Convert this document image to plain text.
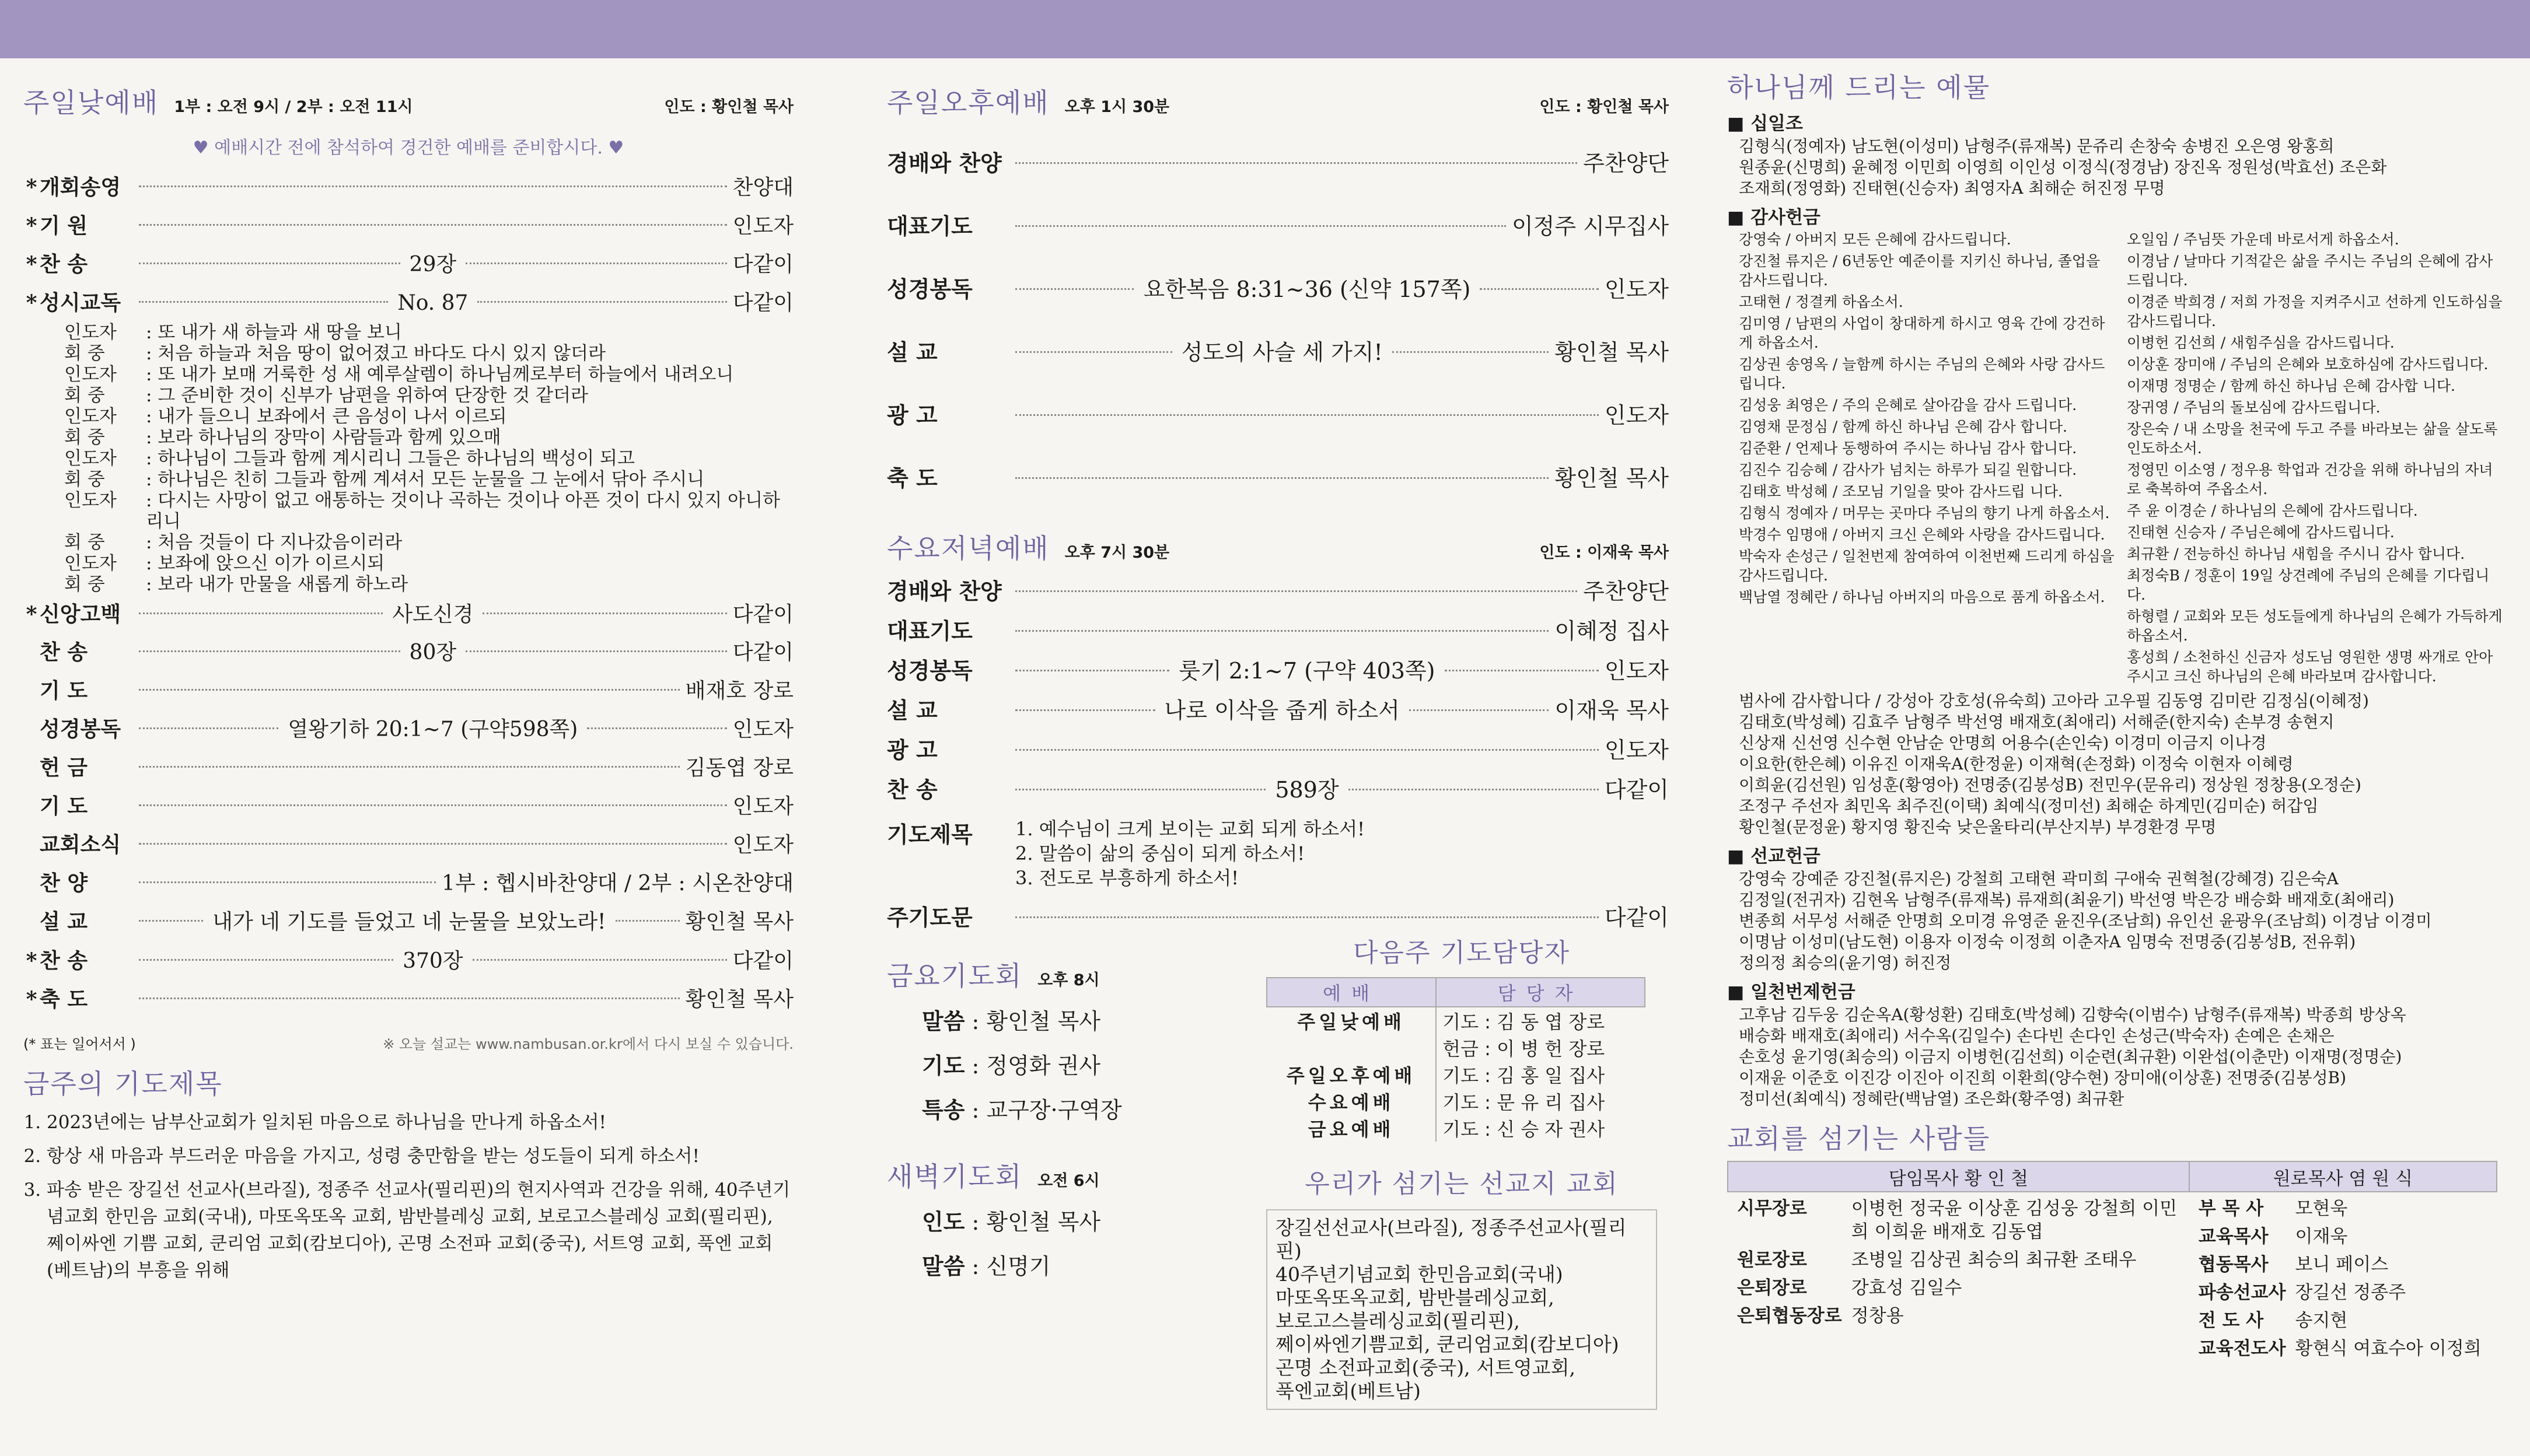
주일낮예배 1부 : 오전 9시 / 2부 : 오전 11시	인도 : 황인철 목사
♥ 예배시간 전에 참석하여 경건한 예배를 준비합시다. ♥
* 개회송영	찬양대
* 기 원	인도자
* 찬 송	29장	다같이
* 성시교독	No. 87	다같이
인도자	: 또 내가 새 하늘과 새 땅을 보니
회 중	: 처음 하늘과 처음 땅이 없어졌고 바다도 다시 있지 않더라
인도자	: 또 내가 보매 거룩한 성 새 예루살렘이 하나님께로부터 하늘에서 내려오니
회 중	: 그 준비한 것이 신부가 남편을 위하여 단장한 것 같더라
인도자	: 내가 들으니 보좌에서 큰 음성이 나서 이르되
회 중	: 보라 하나님의 장막이 사람들과 함께 있으매
인도자	: 하나님이 그들과 함께 계시리니 그들은 하나님의 백성이 되고
회 중	: 하나님은 친히 그들과 함께 계셔서 모든 눈물을 그 눈에서 닦아 주시니
인도자	: 다시는 사망이 없고 애통하는 것이나 곡하는 것이나 아픈 것이 다시 있지 아니하리니
회 중	: 처음 것들이 다 지나갔음이러라
인도자	: 보좌에 앉으신 이가 이르시되
회 중	: 보라 내가 만물을 새롭게 하노라
* 신앙고백	사도신경	다같이
찬 송	80장	다같이
기 도	배재호 장로
성경봉독	열왕기하 20:1~7 (구약598쪽)	인도자
헌 금	김동엽 장로
기 도	인도자
교회소식	인도자
찬 양	1부 : 헵시바찬양대 / 2부 : 시온찬양대
설 교	내가 네 기도를 들었고 네 눈물을 보았노라!	황인철 목사
* 찬 송	370장	다같이
* 축 도	황인철 목사
(* 표는 일어서서 )	※ 오늘 설교는 www.nambusan.or.kr에서 다시 보실 수 있습니다.
금주의 기도제목
1. 2023년에는 남부산교회가 일치된 마음으로 하나님을 만나게 하옵소서!
2. 항상 새 마음과 부드러운 마음을 가지고, 성령 충만함을 받는 성도들이 되게 하소서!
3. 파송 받은 장길선 선교사(브라질), 정종주 선교사(필리핀)의 현지사역과 건강을 위해, 40주년기념교회 한민음 교회(국내), 마또옥또옥 교회, 밤반블레싱 교회, 보로고스블레싱 교회(필리핀), 쩨이싸엔 기쁨 교회, 쿤리엄 교회(캄보디아), 곤명 소전파 교회(중국), 서트영 교회, 푹엔 교회(베트남)의 부흥을 위해
주일오후예배 오후 1시 30분	인도 : 황인철 목사
경배와 찬양	주찬양단
대표기도	이정주 시무집사
성경봉독	요한복음 8:31~36 (신약 157쪽)	인도자
설 교	성도의 사슬 세 가지!	황인철 목사
광 고	인도자
축 도	황인철 목사
수요저녁예배 오후 7시 30분	인도 : 이재욱 목사
경배와 찬양	주찬양단
대표기도	이혜정 집사
성경봉독	룻기 2:1~7 (구약 403쪽)	인도자
설 교	나로 이삭을 줍게 하소서	이재욱 목사
광 고	인도자
찬 송	589장	다같이
기도제목	1. 예수님이 크게 보이는 교회 되게 하소서!
2. 말씀이 삶의 중심이 되게 하소서!
3. 전도로 부흥하게 하소서!
주기도문	다같이
금요기도회 오후 8시
말씀 : 황인철 목사
기도 : 정영화 권사
특송 : 교구장·구역장
새벽기도회 오전 6시
인도 : 황인철 목사
말씀 : 신명기
다음주 기도담당자
예배	담당자
주일낮예배	기도 : 김 동 엽 장로
	헌금 : 이 병 헌 장로
주일오후예배	기도 : 김 홍 일 집사
수요예배	기도 : 문 유 리 집사
금요예배	기도 : 신 승 자 권사
우리가 섬기는 선교지 교회
장길선선교사(브라질), 정종주선교사(필리핀)
40주년기념교회 한민음교회(국내)
마또옥또옥교회, 밤반블레싱교회,
보로고스블레싱교회(필리핀),
쩨이싸엔기쁨교회, 쿤리엄교회(캄보디아)
곤명 소전파교회(중국), 서트영교회,
푹엔교회(베트남)
하나님께 드리는 예물
■ 십일조
김형식(정예자) 남도현(이성미) 남형주(류재복) 문쥬리 손창숙 송병진 오은영 왕홍희
원종윤(신명희) 윤혜정 이민희 이영희 이인성 이정식(정경남) 장진옥 정원성(박효선) 조은화
조재희(정영화) 진태현(신승자) 최영자A 최해순 허진정 무명
■ 감사헌금
강영숙 / 아버지 모든 은혜에 감사드립니다.
강진철 류지은 / 6년동안 예준이를 지키신 하나님, 졸업을 감사드립니다.
고태현 / 정결케 하옵소서.
김미영 / 남편의 사업이 창대하게 하시고 영육 간에 강건하게 하옵소서.
김상권 송영옥 / 늘함께 하시는 주님의 은혜와 사랑 감사드립니다.
김성웅 최영은 / 주의 은혜로 살아감을 감사 드립니다.
김영채 문정심 / 함께 하신 하나님 은혜 감사 합니다.
김준환 / 언제나 동행하여 주시는 하나님 감사 합니다.
김진수 김승혜 / 감사가 넘치는 하루가 되길 원합니다.
김태호 박성혜 / 조모님 기일을 맞아 감사드립 니다.
김형식 정예자 / 머무는 곳마다 주님의 향기 나게 하옵소서.
박경수 임명애 / 아버지 크신 은혜와 사랑을 감사드립니다.
박숙자 손성근 / 일천번제 참여하여 이천번째 드리게 하심을 감사드립니다.
백남열 정혜란 / 하나님 아버지의 마음으로 품게 하옵소서.
오일임 / 주님뜻 가운데 바로서게 하옵소서.
이경남 / 날마다 기적같은 삶을 주시는 주님의 은혜에 감사드립니다.
이경준 박희경 / 저희 가정을 지켜주시고 선하게 인도하심을 감사드립니다.
이병헌 김선희 / 새힘주심을 감사드립니다.
이상훈 장미애 / 주님의 은혜와 보호하심에 감사드립니다.
이재명 정명순 / 함께 하신 하나님 은혜 감사합 니다.
장귀영 / 주님의 돌보심에 감사드립니다.
장은숙 / 내 소망을 천국에 두고 주를 바라보는 삶을 살도록 인도하소서.
정영민 이소영 / 정우용 학업과 건강을 위해 하나님의 자녀로 축복하여 주옵소서.
주 윤 이경순 / 하나님의 은혜에 감사드립니다.
진태현 신승자 / 주님은혜에 감사드립니다.
최규환 / 전능하신 하나님 새힘을 주시니 감사 합니다.
최정숙B / 정훈이 19일 상견례에 주님의 은혜를 기다립니다.
하형렬 / 교회와 모든 성도들에게 하나님의 은혜가 가득하게 하옵소서.
홍성희 / 소천하신 신금자 성도님 영원한 생명 싸개로 안아주시고 크신 하나님의 은혜 바라보며 감사합니다.
범사에 감사합니다 / 강성아 강호성(유숙희) 고아라 고우필 김동영 김미란 김정심(이혜정)
김태호(박성혜) 김효주 남형주 박선영 배재호(최애리) 서해준(한지숙) 손부경 송현지
신상재 신선영 신수현 안남순 안명희 어용수(손인숙) 이경미 이금지 이나경
이요한(한은혜) 이유진 이재욱A(한정윤) 이재혁(손정화) 이정숙 이현자 이혜령
이희윤(김선원) 임성훈(황영아) 전명중(김봉성B) 전민우(문유리) 정상원 정창용(오정순)
조정구 주선자 최민옥 최주진(이택) 최예식(정미선) 최해순 하계민(김미순) 허갑임
황인철(문정윤) 황지영 황진숙 낮은울타리(부산지부) 부경환경 무명
■ 선교헌금
강영숙 강예준 강진철(류지은) 강철희 고태현 곽미희 구애숙 권혁철(강혜경) 김은숙A
김정일(전귀자) 김현옥 남형주(류재복) 류재희(최윤기) 박선영 박은강 배승화 배재호(최애리)
변종희 서무성 서해준 안명희 오미경 유영준 윤진우(조남희) 유인선 윤광우(조남희) 이경남 이경미
이명남 이성미(남도현) 이용자 이정숙 이정희 이춘자A 임명숙 전명중(김봉성B, 전유휘)
정의정 최승의(윤기영) 허진정
■ 일천번제헌금
고후남 김두웅 김순옥A(황성환) 김태호(박성혜) 김향숙(이범수) 남형주(류재복) 박종희 방상옥
배승화 배재호(최애리) 서수옥(김일수) 손다빈 손다인 손성근(박숙자) 손예은 손채은
손호성 윤기영(최승의) 이금지 이병헌(김선희) 이순련(최규환) 이완섭(이춘만) 이재명(정명순)
이재윤 이준호 이진강 이진아 이진희 이환희(양수현) 장미애(이상훈) 전명중(김봉성B)
정미선(최예식) 정혜란(백남열) 조은화(황주영) 최규환
교회를 섬기는 사람들
담임목사 황 인 철	원로목사 염 원 식

시무장로	이병헌 정국윤 이상훈 김성웅 강철희 이민희 이희윤 배재호 김동엽
원로장로	조병일 김상권 최승의 최규환 조태우
은퇴장로	강효성 김일수
은퇴협동장로	정창용

부 목 사	모현욱
교육목사	이재욱
협동목사	보니 페이스
파송선교사	장길선 정종주
전 도 사	송지현
교육전도사	황현식 여효수아 이정희
